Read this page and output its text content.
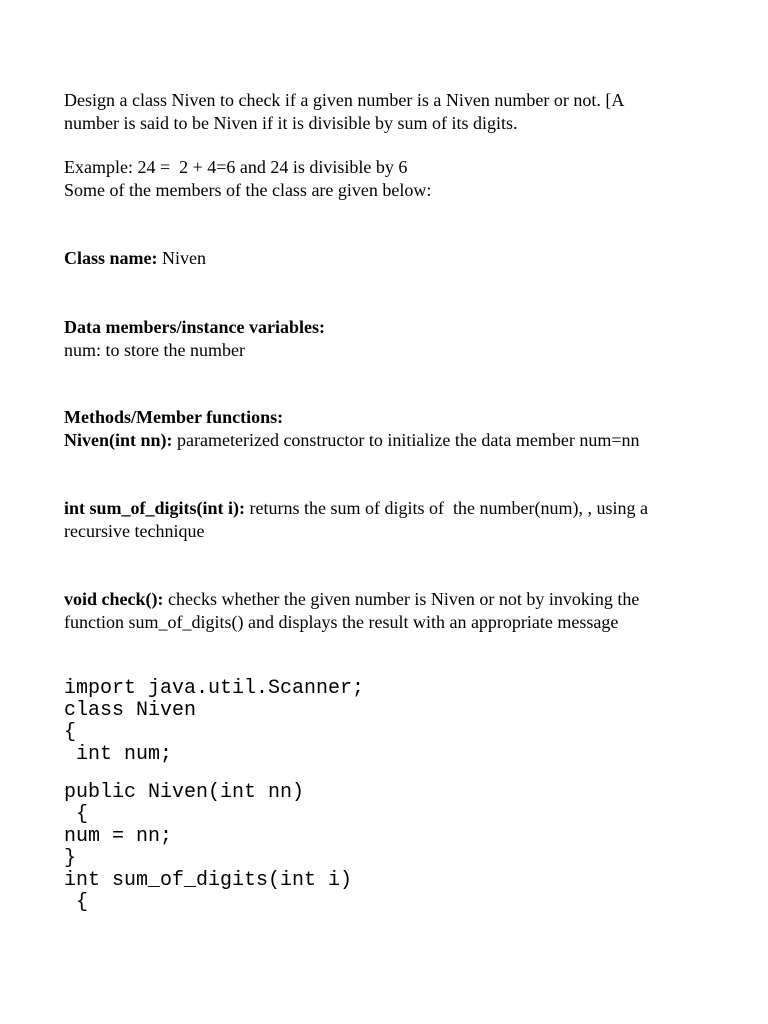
Design a class Niven to check if a given number is a Niven number or not. [A
number is said to be Niven if it is divisible by sum of its digits.

Example: 24 =  2 + 4=6 and 24 is divisible by 6
Some of the members of the class are given below:

Class name: Niven

Data members/instance variables:
num: to store the number

Methods/Member functions:
Niven(int nn): parameterized constructor to initialize the data member num=nn

int sum_of_digits(int i): returns the sum of digits of  the number(num), , using a
recursive technique

void check(): checks whether the given number is Niven or not by invoking the
function sum_of_digits() and displays the result with an appropriate message

import java.util.Scanner;
class Niven
{
int num;
public Niven(int nn)
{
num = nn;
}
int sum_of_digits(int i)
{
